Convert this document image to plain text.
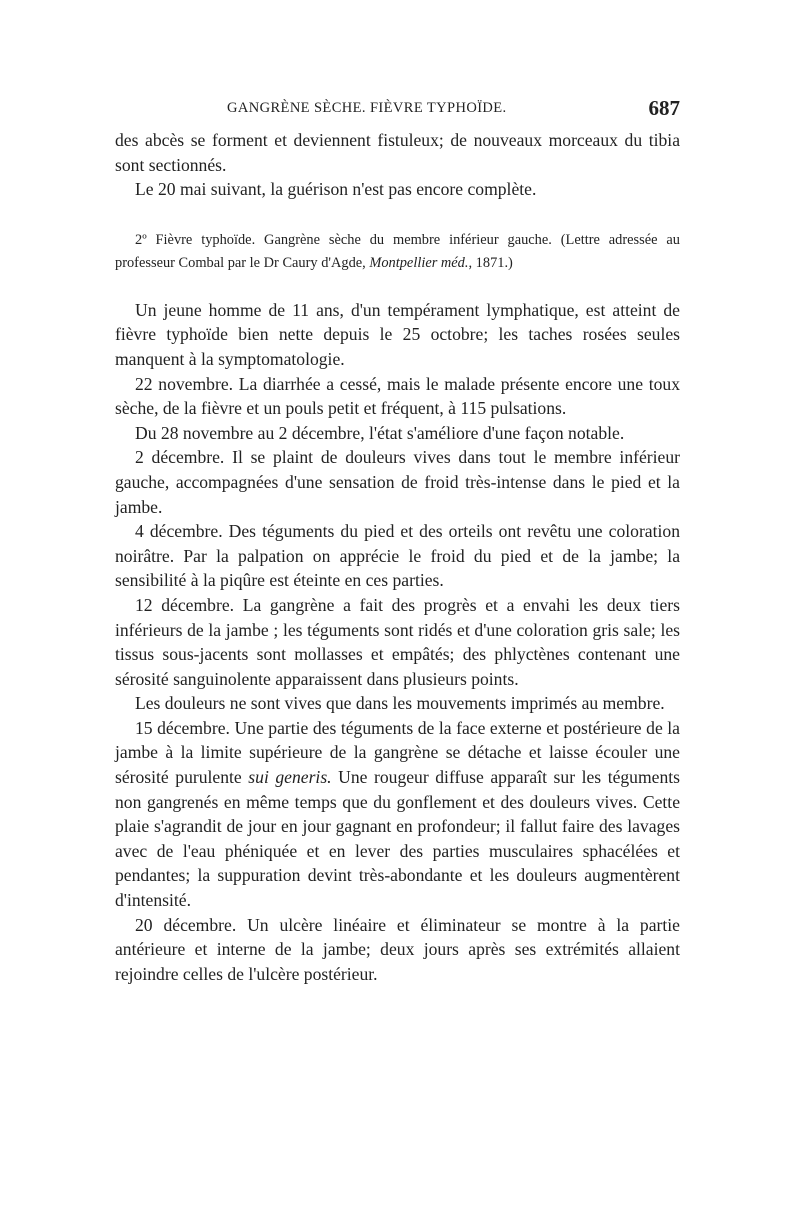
GANGRÈNE SÈCHE. FIÈVRE TYPHOÏDE.	687

des abcès se forment et deviennent fistuleux; de nouveaux morceaux du tibia sont sectionnés.

Le 20 mai suivant, la guérison n'est pas encore complète.

2º Fièvre typhoïde. Gangrène sèche du membre inférieur gauche. (Lettre adressée au professeur Combal par le Dr Caury d'Agde, Montpellier méd., 1871.)

Un jeune homme de 11 ans, d'un tempérament lymphatique, est atteint de fièvre typhoïde bien nette depuis le 25 octobre; les taches rosées seules manquent à la symptomatologie.

22 novembre. La diarrhée a cessé, mais le malade présente encore une toux sèche, de la fièvre et un pouls petit et fréquent, à 115 pulsations.

Du 28 novembre au 2 décembre, l'état s'améliore d'une façon notable.

2 décembre. Il se plaint de douleurs vives dans tout le membre inférieur gauche, accompagnées d'une sensation de froid très-intense dans le pied et la jambe.

4 décembre. Des téguments du pied et des orteils ont revêtu une coloration noirâtre. Par la palpation on apprécie le froid du pied et de la jambe; la sensibilité à la piqûre est éteinte en ces parties.

12 décembre. La gangrène a fait des progrès et a envahi les deux tiers inférieurs de la jambe ; les téguments sont ridés et d'une coloration gris sale; les tissus sous-jacents sont mollasses et empâtés; des phlyctènes contenant une sérosité sanguinolente apparaissent dans plusieurs points.

Les douleurs ne sont vives que dans les mouvements imprimés au membre.

15 décembre. Une partie des téguments de la face externe et postérieure de la jambe à la limite supérieure de la gangrène se détache et laisse écouler une sérosité purulente sui generis. Une rougeur diffuse apparaît sur les téguments non gangrenés en même temps que du gonflement et des douleurs vives. Cette plaie s'agrandit de jour en jour gagnant en profondeur; il fallut faire des lavages avec de l'eau phéniquée et en lever des parties musculaires sphacélées et pendantes; la suppuration devint très-abondante et les douleurs augmentèrent d'intensité.

20 décembre. Un ulcère linéaire et éliminateur se montre à la partie antérieure et interne de la jambe; deux jours après ses extrémités allaient rejoindre celles de l'ulcère postérieur.
